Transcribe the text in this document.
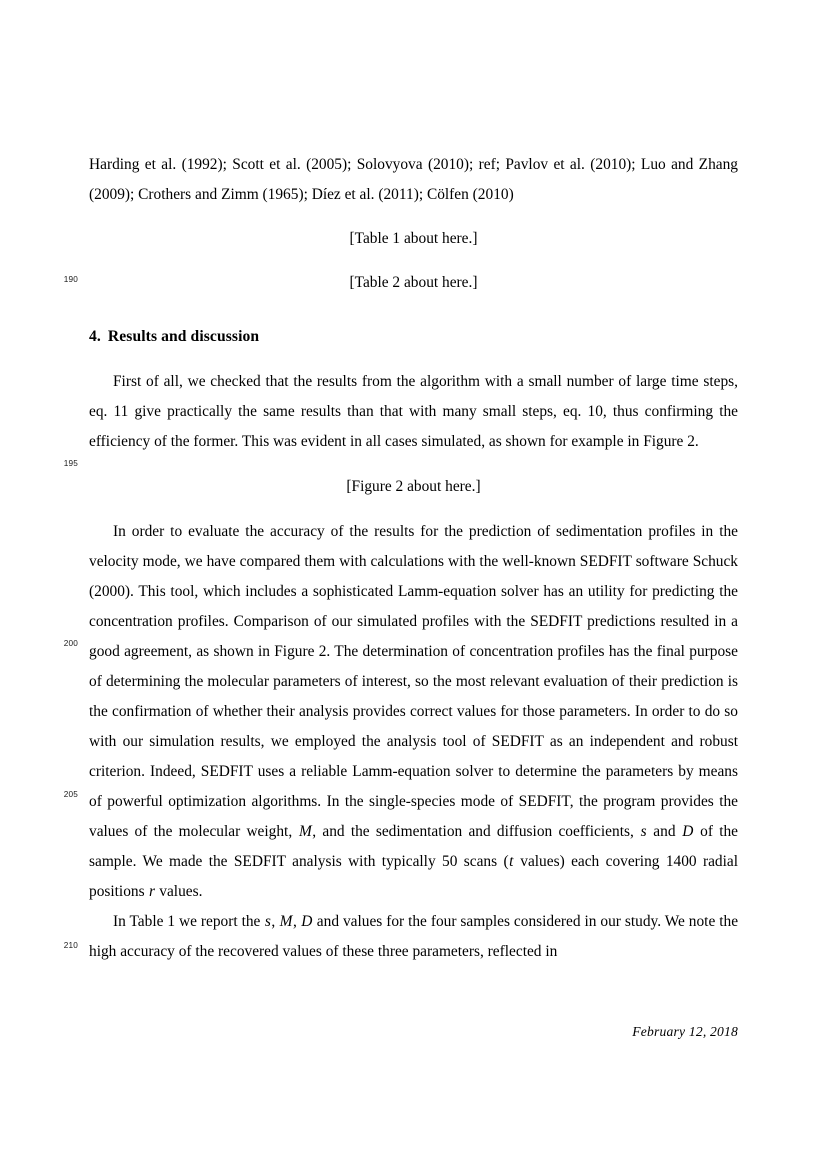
190
195
200
205
210

Harding et al. (1992); Scott et al. (2005); Solovyova (2010); ref; Pavlov et al. (2010); Luo and Zhang (2009); Crothers and Zimm (1965); Díez et al. (2011); Cölfen (2010)

[Table 1 about here.]

[Table 2 about here.]

4. Results and discussion

First of all, we checked that the results from the algorithm with a small number of large time steps, eq. 11 give practically the same results than that with many small steps, eq. 10, thus confirming the efficiency of the former. This was evident in all cases simulated, as shown for example in Figure 2.

[Figure 2 about here.]

In order to evaluate the accuracy of the results for the prediction of sedimentation profiles in the velocity mode, we have compared them with calculations with the well-known SEDFIT software Schuck (2000). This tool, which includes a sophisticated Lamm-equation solver has an utility for predicting the concentration profiles. Comparison of our simulated profiles with the SEDFIT predictions resulted in a good agreement, as shown in Figure 2. The determination of concentration profiles has the final purpose of determining the molecular parameters of interest, so the most relevant evaluation of their prediction is the confirmation of whether their analysis provides correct values for those parameters. In order to do so with our simulation results, we employed the analysis tool of SEDFIT as an independent and robust criterion. Indeed, SEDFIT uses a reliable Lamm-equation solver to determine the parameters by means of powerful optimization algorithms. In the single-species mode of SEDFIT, the program provides the values of the molecular weight, M, and the sedimentation and diffusion coefficients, s and D of the sample. We made the SEDFIT analysis with typically 50 scans (t values) each covering 1400 radial positions r values.

In Table 1 we report the s, M, D and values for the four samples considered in our study. We note the high accuracy of the recovered values of these three parameters, reflected in

February 12, 2018
